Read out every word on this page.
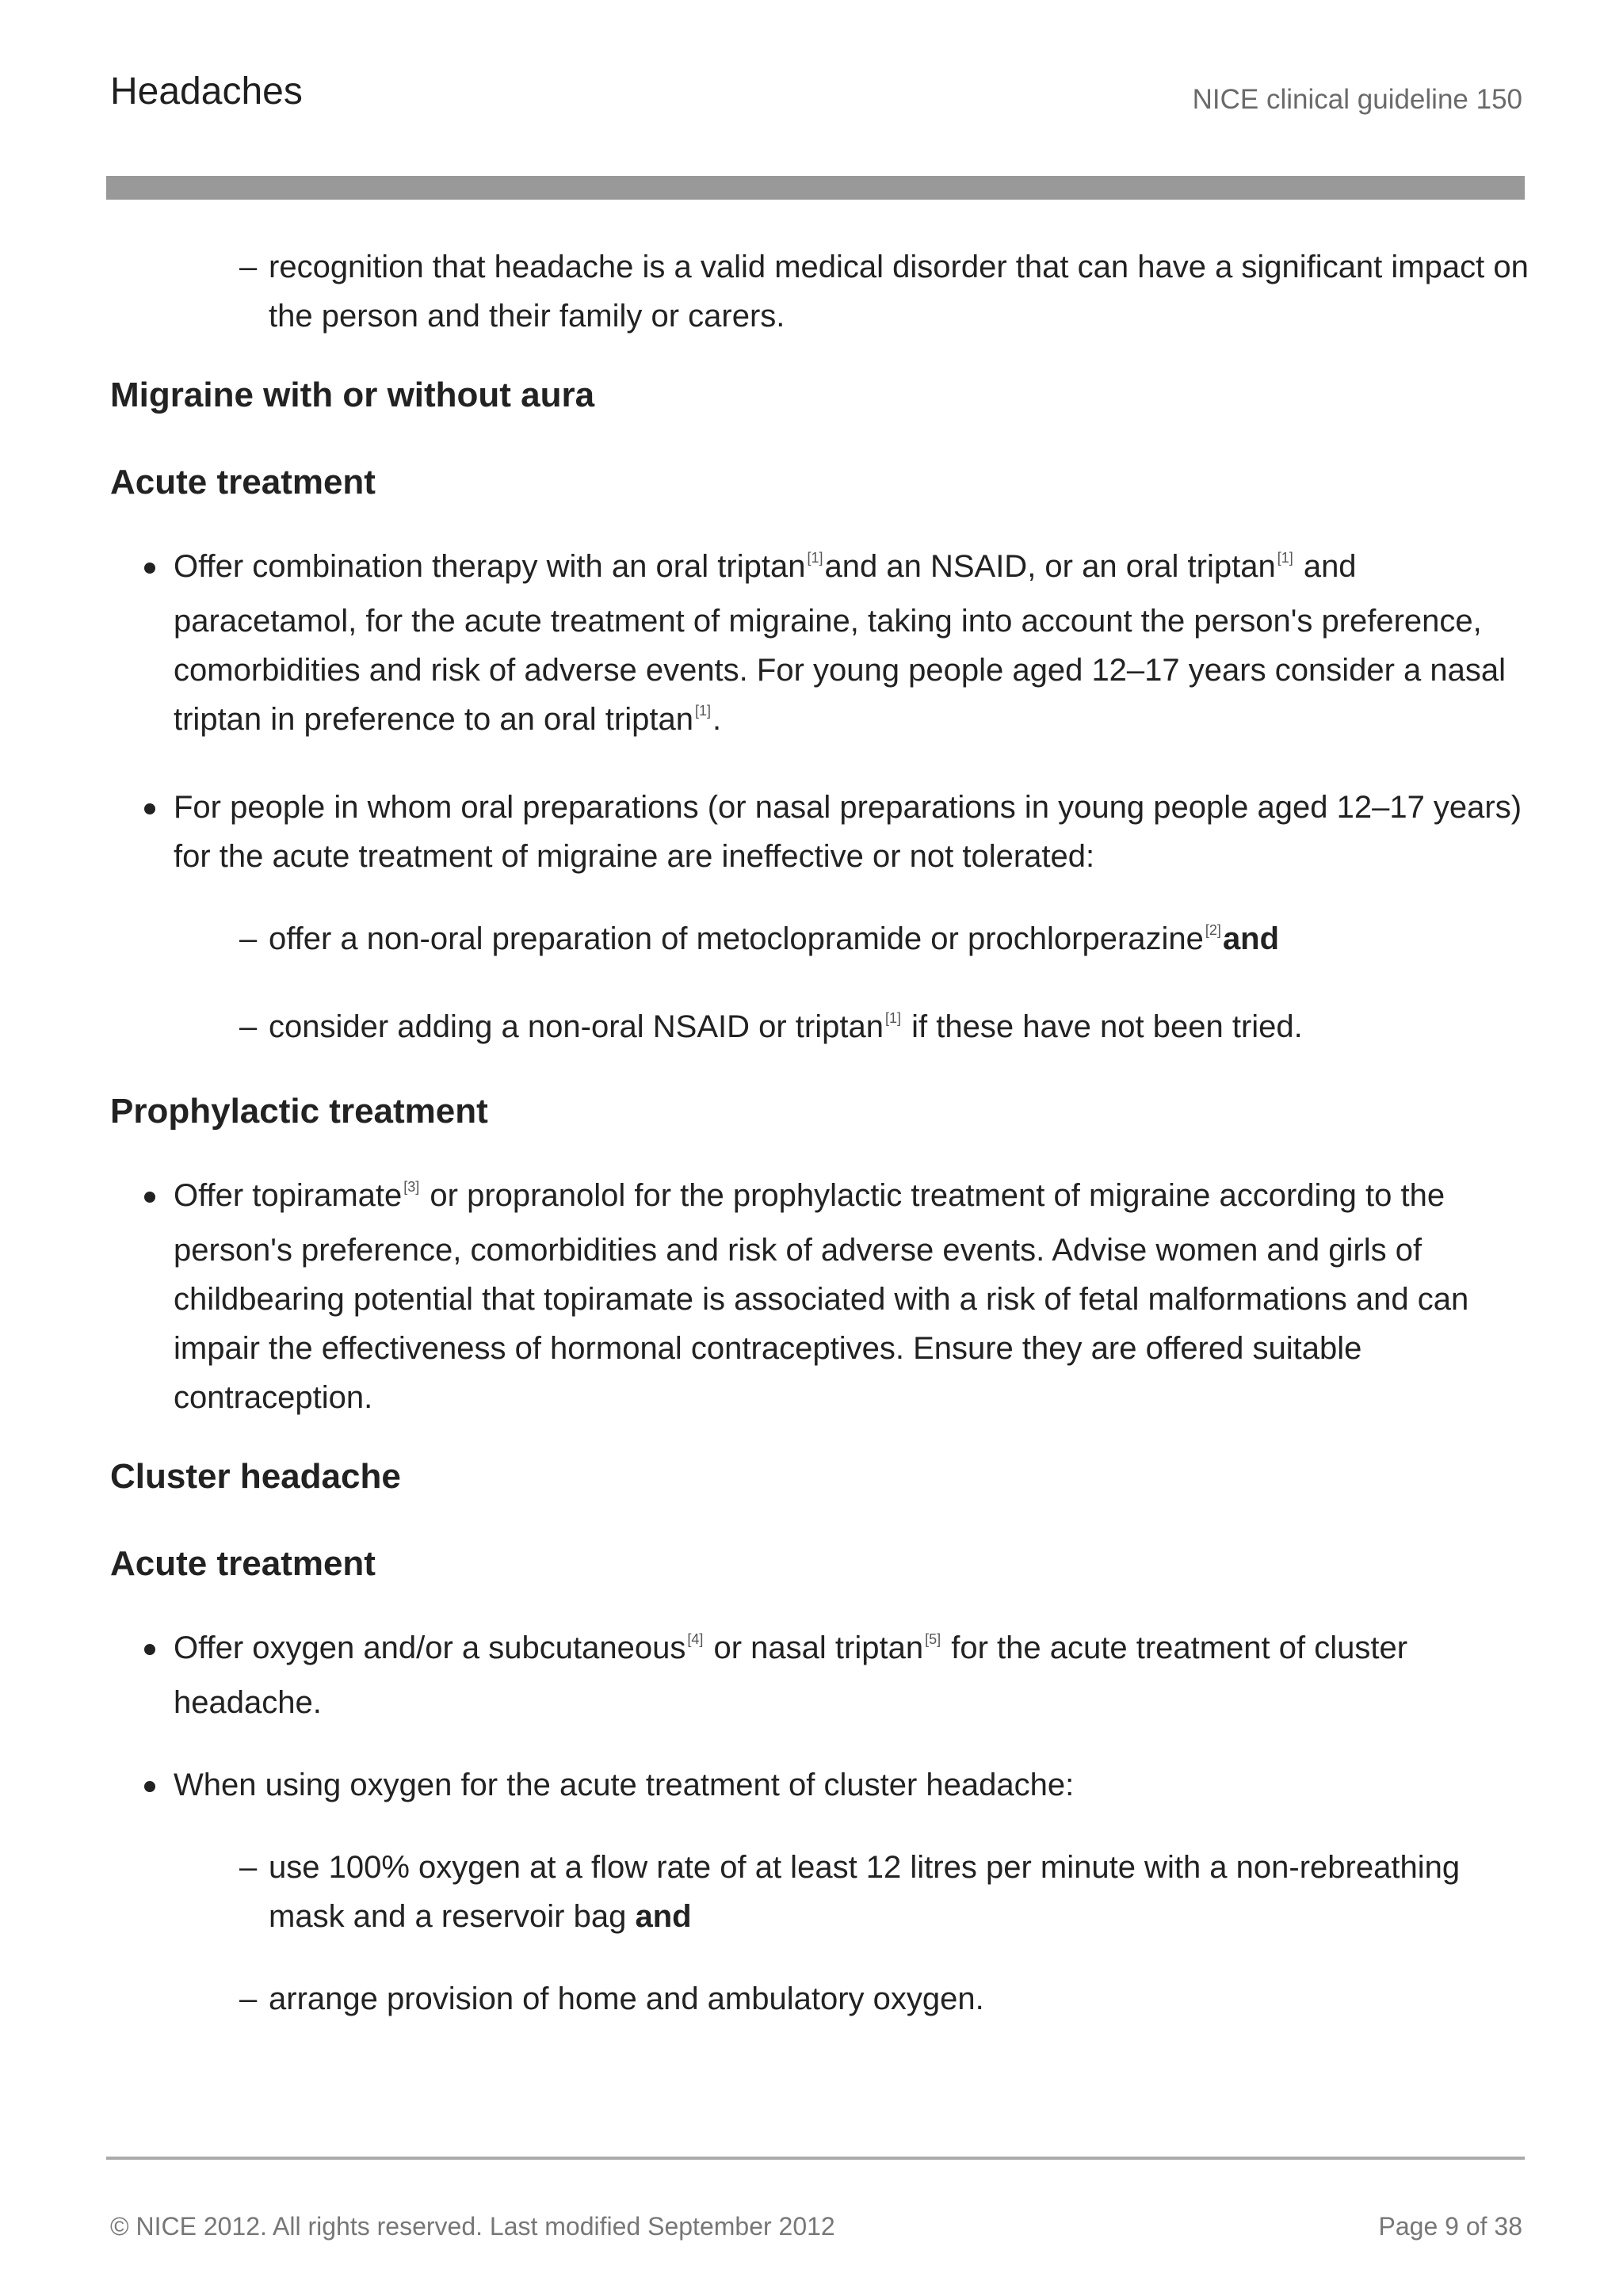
Headaches	NICE clinical guideline 150

– recognition that headache is a valid medical disorder that can have a significant impact on the person and their family or carers.

Migraine with or without aura
Acute treatment

Offer combination therapy with an oral triptan [1]and an NSAID, or an oral triptan [1] and paracetamol, for the acute treatment of migraine, taking into account the person's preference, comorbidities and risk of adverse events. For young people aged 12–17 years consider a nasal triptan in preference to an oral triptan [1].

For people in whom oral preparations (or nasal preparations in young people aged 12–17 years) for the acute treatment of migraine are ineffective or not tolerated:

– offer a non-oral preparation of metoclopramide or prochlorperazine [2]and

– consider adding a non-oral NSAID or triptan [1] if these have not been tried.

Prophylactic treatment

Offer topiramate [3] or propranolol for the prophylactic treatment of migraine according to the person's preference, comorbidities and risk of adverse events. Advise women and girls of childbearing potential that topiramate is associated with a risk of fetal malformations and can impair the effectiveness of hormonal contraceptives. Ensure they are offered suitable contraception.

Cluster headache
Acute treatment

Offer oxygen and/or a subcutaneous [4] or nasal triptan [5] for the acute treatment of cluster headache.

When using oxygen for the acute treatment of cluster headache:

– use 100% oxygen at a flow rate of at least 12 litres per minute with a non-rebreathing mask and a reservoir bag and

– arrange provision of home and ambulatory oxygen.

© NICE 2012. All rights reserved. Last modified September 2012	Page 9 of 38
